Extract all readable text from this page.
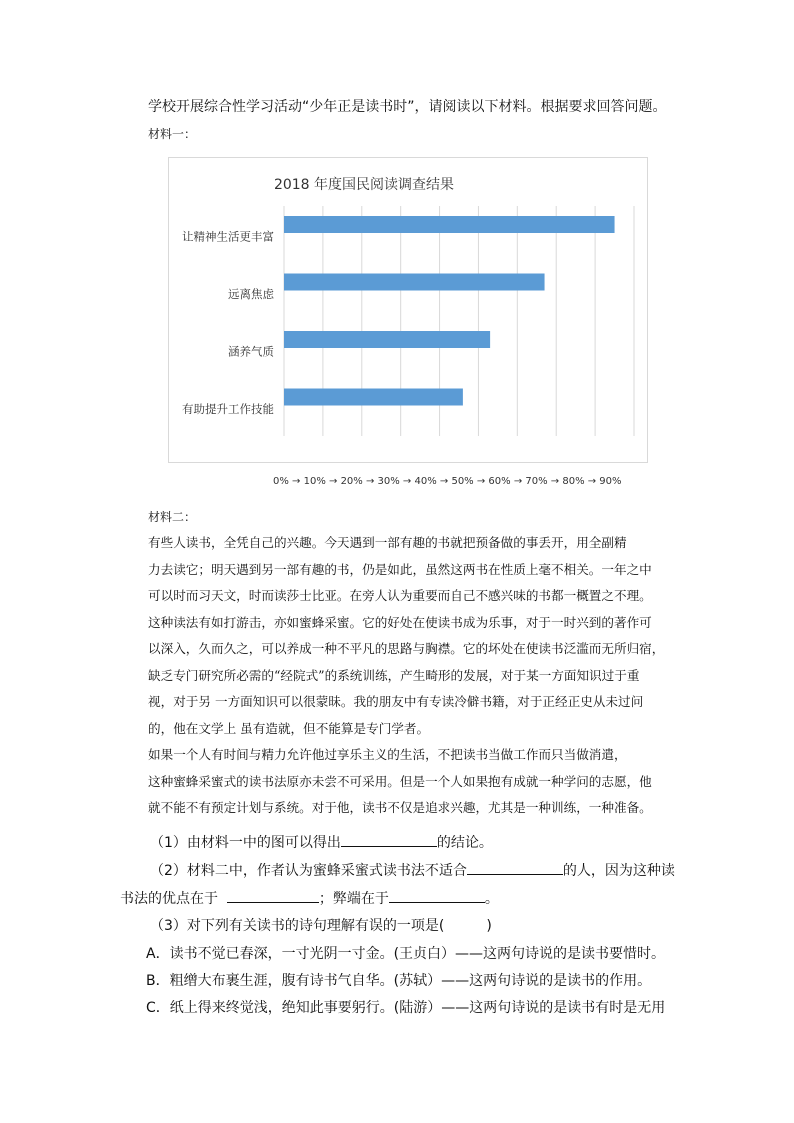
学校开展综合性学习活动“少年正是读书时”，请阅读以下材料。根据要求回答问题。
材料一：
2018 年度国民阅读调查结果
让精神生活更丰富
远离焦虑
涵养气质
有助提升工作技能
0% → 10% → 20% → 30% → 40% → 50% → 60% → 70% → 80% → 90%
材料二：

有些人读书，全凭自己的兴趣。今天遇到一部有趣的书就把预备做的事丢开，用全副精

力去读它；明天遇到另一部有趣的书，仍是如此，虽然这两书在性质上毫不相关。一年之中

可以时而习天文，时而读莎士比亚。在旁人认为重要而自己不感兴味的书都一概置之不理。

这种读法有如打游击，亦如蜜蜂采蜜。它的好处在使读书成为乐事，对于一时兴到的著作可

以深入，久而久之，可以养成一种不平凡的思路与胸襟。它的坏处在使读书泛滥而无所归宿，

缺乏专门研究所必需的“经院式”的系统训练，产生畸形的发展，对于某一方面知识过于重

视，对于另 一方面知识可以很蒙昧。我的朋友中有专读冷僻书籍，对于正经正史从未过问

的，他在文学上 虽有造就，但不能算是专门学者。

如果一个人有时间与精力允许他过享乐主义的生活，不把读书当做工作而只当做消遣，

这种蜜蜂采蜜式的读书法原亦未尝不可采用。但是一个人如果抱有成就一种学问的志愿，他

就不能不有预定计划与系统。对于他，读书不仅是追求兴趣，尤其是一种训练，一种准备。

（1）由材料一中的图可以得出	的结论。
（2）材料二中，作者认为蜜蜂采蜜式读书法不适合	的人，因为这种读
书法的优点在于	；弊端在于	。
（3）对下列有关读书的诗句理解有误的一项是(　　　)
A．读书不觉已春深，一寸光阴一寸金。(王贞白）——这两句诗说的是读书要惜时。
B．粗缯大布裹生涯，腹有诗书气自华。(苏轼）——这两句诗说的是读书的作用。
C．纸上得来终觉浅，绝知此事要躬行。(陆游）——这两句诗说的是读书有时是无用
